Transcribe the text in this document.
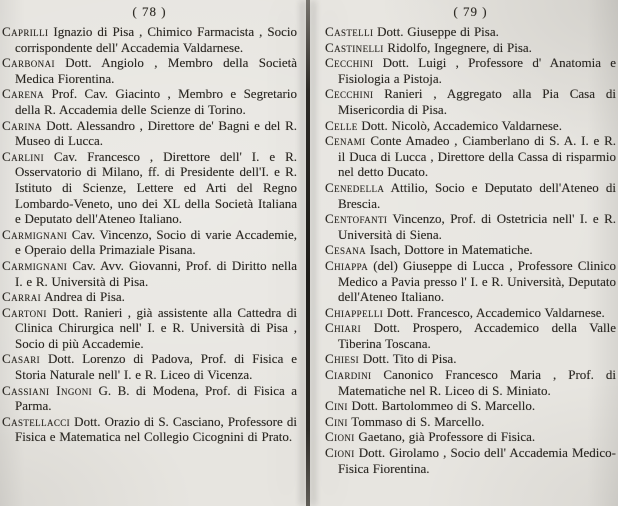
( 78 )

Caprilli Ignazio di Pisa , Chimico Farmacista , Socio corrispondente dell' Accademia Valdarnese.

Carbonai Dott. Angiolo , Membro della Società Medica Fiorentina.

Carena Prof. Cav. Giacinto , Membro e Segretario della R. Accademia delle Scienze di Torino.

Carina Dott. Alessandro , Direttore de' Bagni e del R. Museo di Lucca.

Carlini Cav. Francesco , Direttore dell' I. e R. Osservatorio di Milano, ff. di Presidente dell'I. e R. Istituto di Scienze, Lettere ed Arti del Regno Lombardo-Veneto, uno dei XL della Società Italiana e Deputato dell'Ateneo Italiano.

Carmignani Cav. Vincenzo, Socio di varie Accademie, e Operaio della Primaziale Pisana.

Carmignani Cav. Avv. Giovanni, Prof. di Diritto nella I. e R. Università di Pisa.

Carrai Andrea di Pisa.

Cartoni Dott. Ranieri , già assistente alla Cattedra di Clinica Chirurgica nell' I. e R. Università di Pisa , Socio di più Accademie.

Casari Dott. Lorenzo di Padova, Prof. di Fisica e Storia Naturale nell' I. e R. Liceo di Vicenza.

Cassiani Ingoni G. B. di Modena, Prof. di Fisica a Parma.

Castellacci Dott. Orazio di S. Casciano, Professore di Fisica e Matematica nel Collegio Cicognini di Prato.

( 79 )

Castelli Dott. Giuseppe di Pisa.

Castinelli Ridolfo, Ingegnere, di Pisa.

Cecchini Dott. Luigi , Professore d' Anatomia e Fisiologia a Pistoja.

Cecchini Ranieri , Aggregato alla Pia Casa di Misericordia di Pisa.

Celle Dott. Nicolò, Accademico Valdarnese.

Cenami Conte Amadeo , Ciamberlano di S. A. I. e R. il Duca di Lucca , Direttore della Cassa di risparmio nel detto Ducato.

Cenedella Attilio, Socio e Deputato dell'Ateneo di Brescia.

Centofanti Vincenzo, Prof. di Ostetricia nell' I. e R. Università di Siena.

Cesana Isach, Dottore in Matematiche.

Chiappa (del) Giuseppe di Lucca , Professore Clinico Medico a Pavia presso l' I. e R. Università, Deputato dell'Ateneo Italiano.

Chiappelli Dott. Francesco, Accademico Valdarnese.

Chiari Dott. Prospero, Accademico della Valle Tiberina Toscana.

Chiesi Dott. Tito di Pisa.

Ciardini Canonico Francesco Maria , Prof. di Matematiche nel R. Liceo di S. Miniato.

Cini Dott. Bartolommeo di S. Marcello.

Cini Tommaso di S. Marcello.

Cioni Gaetano, già Professore di Fisica.

Cioni Dott. Girolamo , Socio dell' Accademia Medico-Fisica Fiorentina.
